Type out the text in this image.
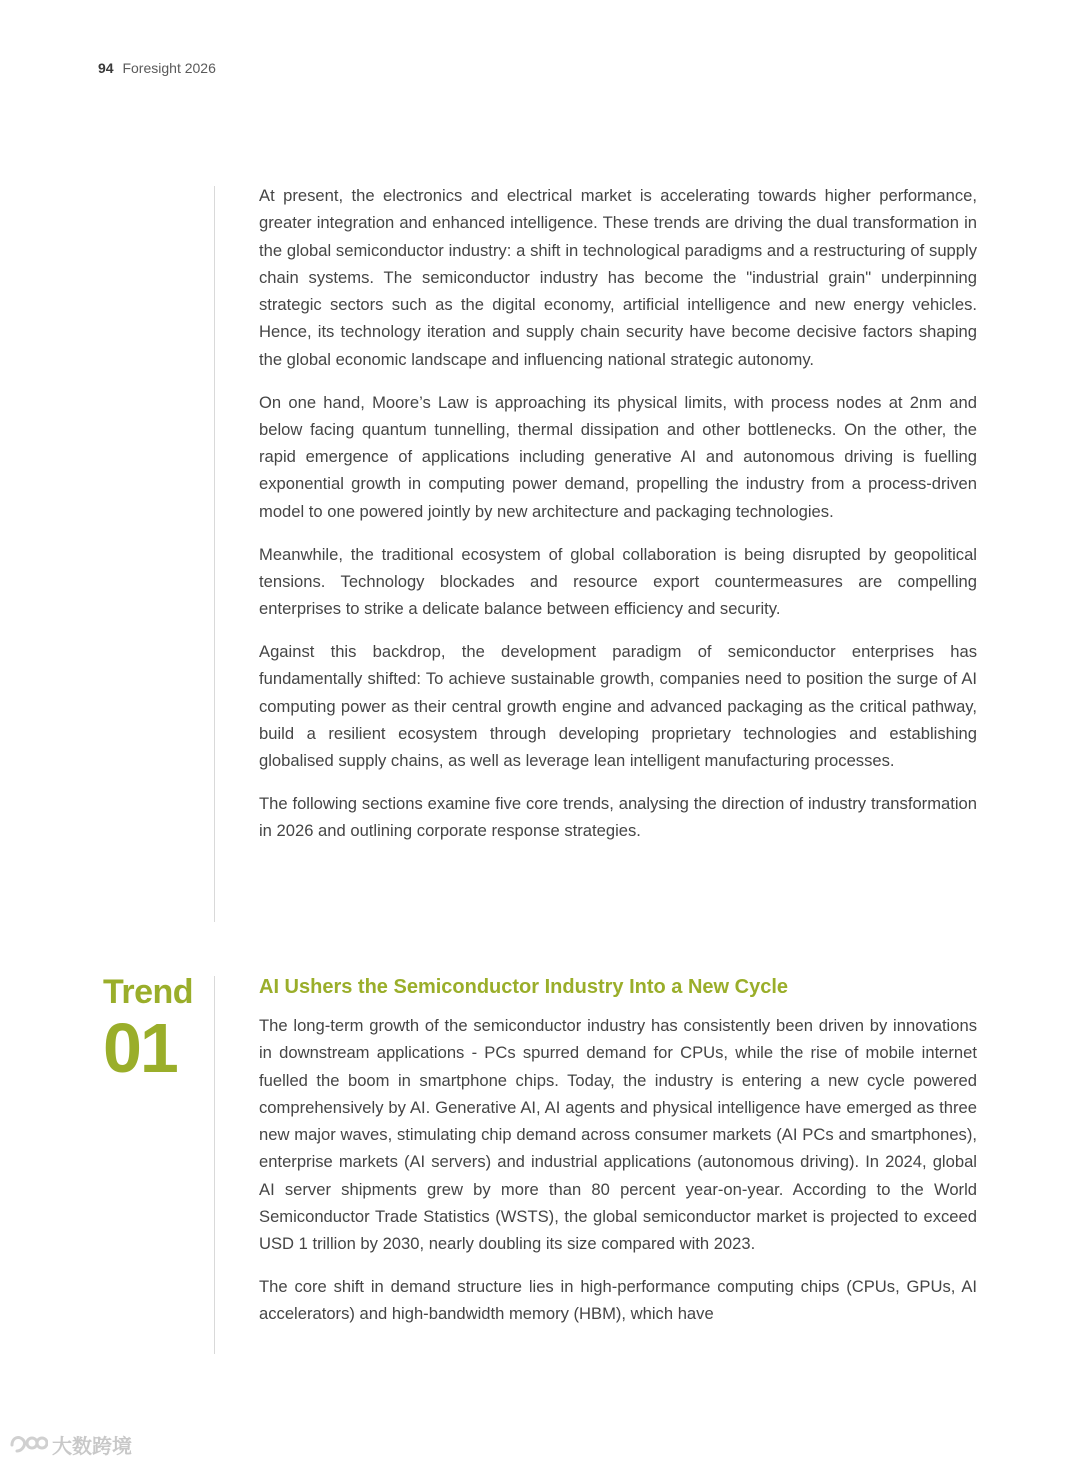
94 Foresight 2026

At present, the electronics and electrical market is accelerating towards higher performance, greater integration and enhanced intelligence. These trends are driving the dual transformation in the global semiconductor industry: a shift in technological paradigms and a restructuring of supply chain systems. The semiconductor industry has become the "industrial grain" underpinning strategic sectors such as the digital economy, artificial intelligence and new energy vehicles. Hence, its technology iteration and supply chain security have become decisive factors shaping the global economic landscape and influencing national strategic autonomy.

On one hand, Moore’s Law is approaching its physical limits, with process nodes at 2nm and below facing quantum tunnelling, thermal dissipation and other bottlenecks. On the other, the rapid emergence of applications including generative AI and autonomous driving is fuelling exponential growth in computing power demand, propelling the industry from a process-driven model to one powered jointly by new architecture and packaging technologies.

Meanwhile, the traditional ecosystem of global collaboration is being disrupted by geopolitical tensions. Technology blockades and resource export countermeasures are compelling enterprises to strike a delicate balance between efficiency and security.

Against this backdrop, the development paradigm of semiconductor enterprises has fundamentally shifted: To achieve sustainable growth, companies need to position the surge of AI computing power as their central growth engine and advanced packaging as the critical pathway, build a resilient ecosystem through developing proprietary technologies and establishing globalised supply chains, as well as leverage lean intelligent manufacturing processes.

The following sections examine five core trends, analysing the direction of industry transformation in 2026 and outlining corporate response strategies.

Trend
01
AI Ushers the Semiconductor Industry Into a New Cycle

The long-term growth of the semiconductor industry has consistently been driven by innovations in downstream applications - PCs spurred demand for CPUs, while the rise of mobile internet fuelled the boom in smartphone chips. Today, the industry is entering a new cycle powered comprehensively by AI. Generative AI, AI agents and physical intelligence have emerged as three new major waves, stimulating chip demand across consumer markets (AI PCs and smartphones), enterprise markets (AI servers) and industrial applications (autonomous driving). In 2024, global AI server shipments grew by more than 80 percent year-on-year. According to the World Semiconductor Trade Statistics (WSTS), the global semiconductor market is projected to exceed USD 1 trillion by 2030, nearly doubling its size compared with 2023.

The core shift in demand structure lies in high-performance computing chips (CPUs, GPUs, AI accelerators) and high-bandwidth memory (HBM), which have

大数跨境
